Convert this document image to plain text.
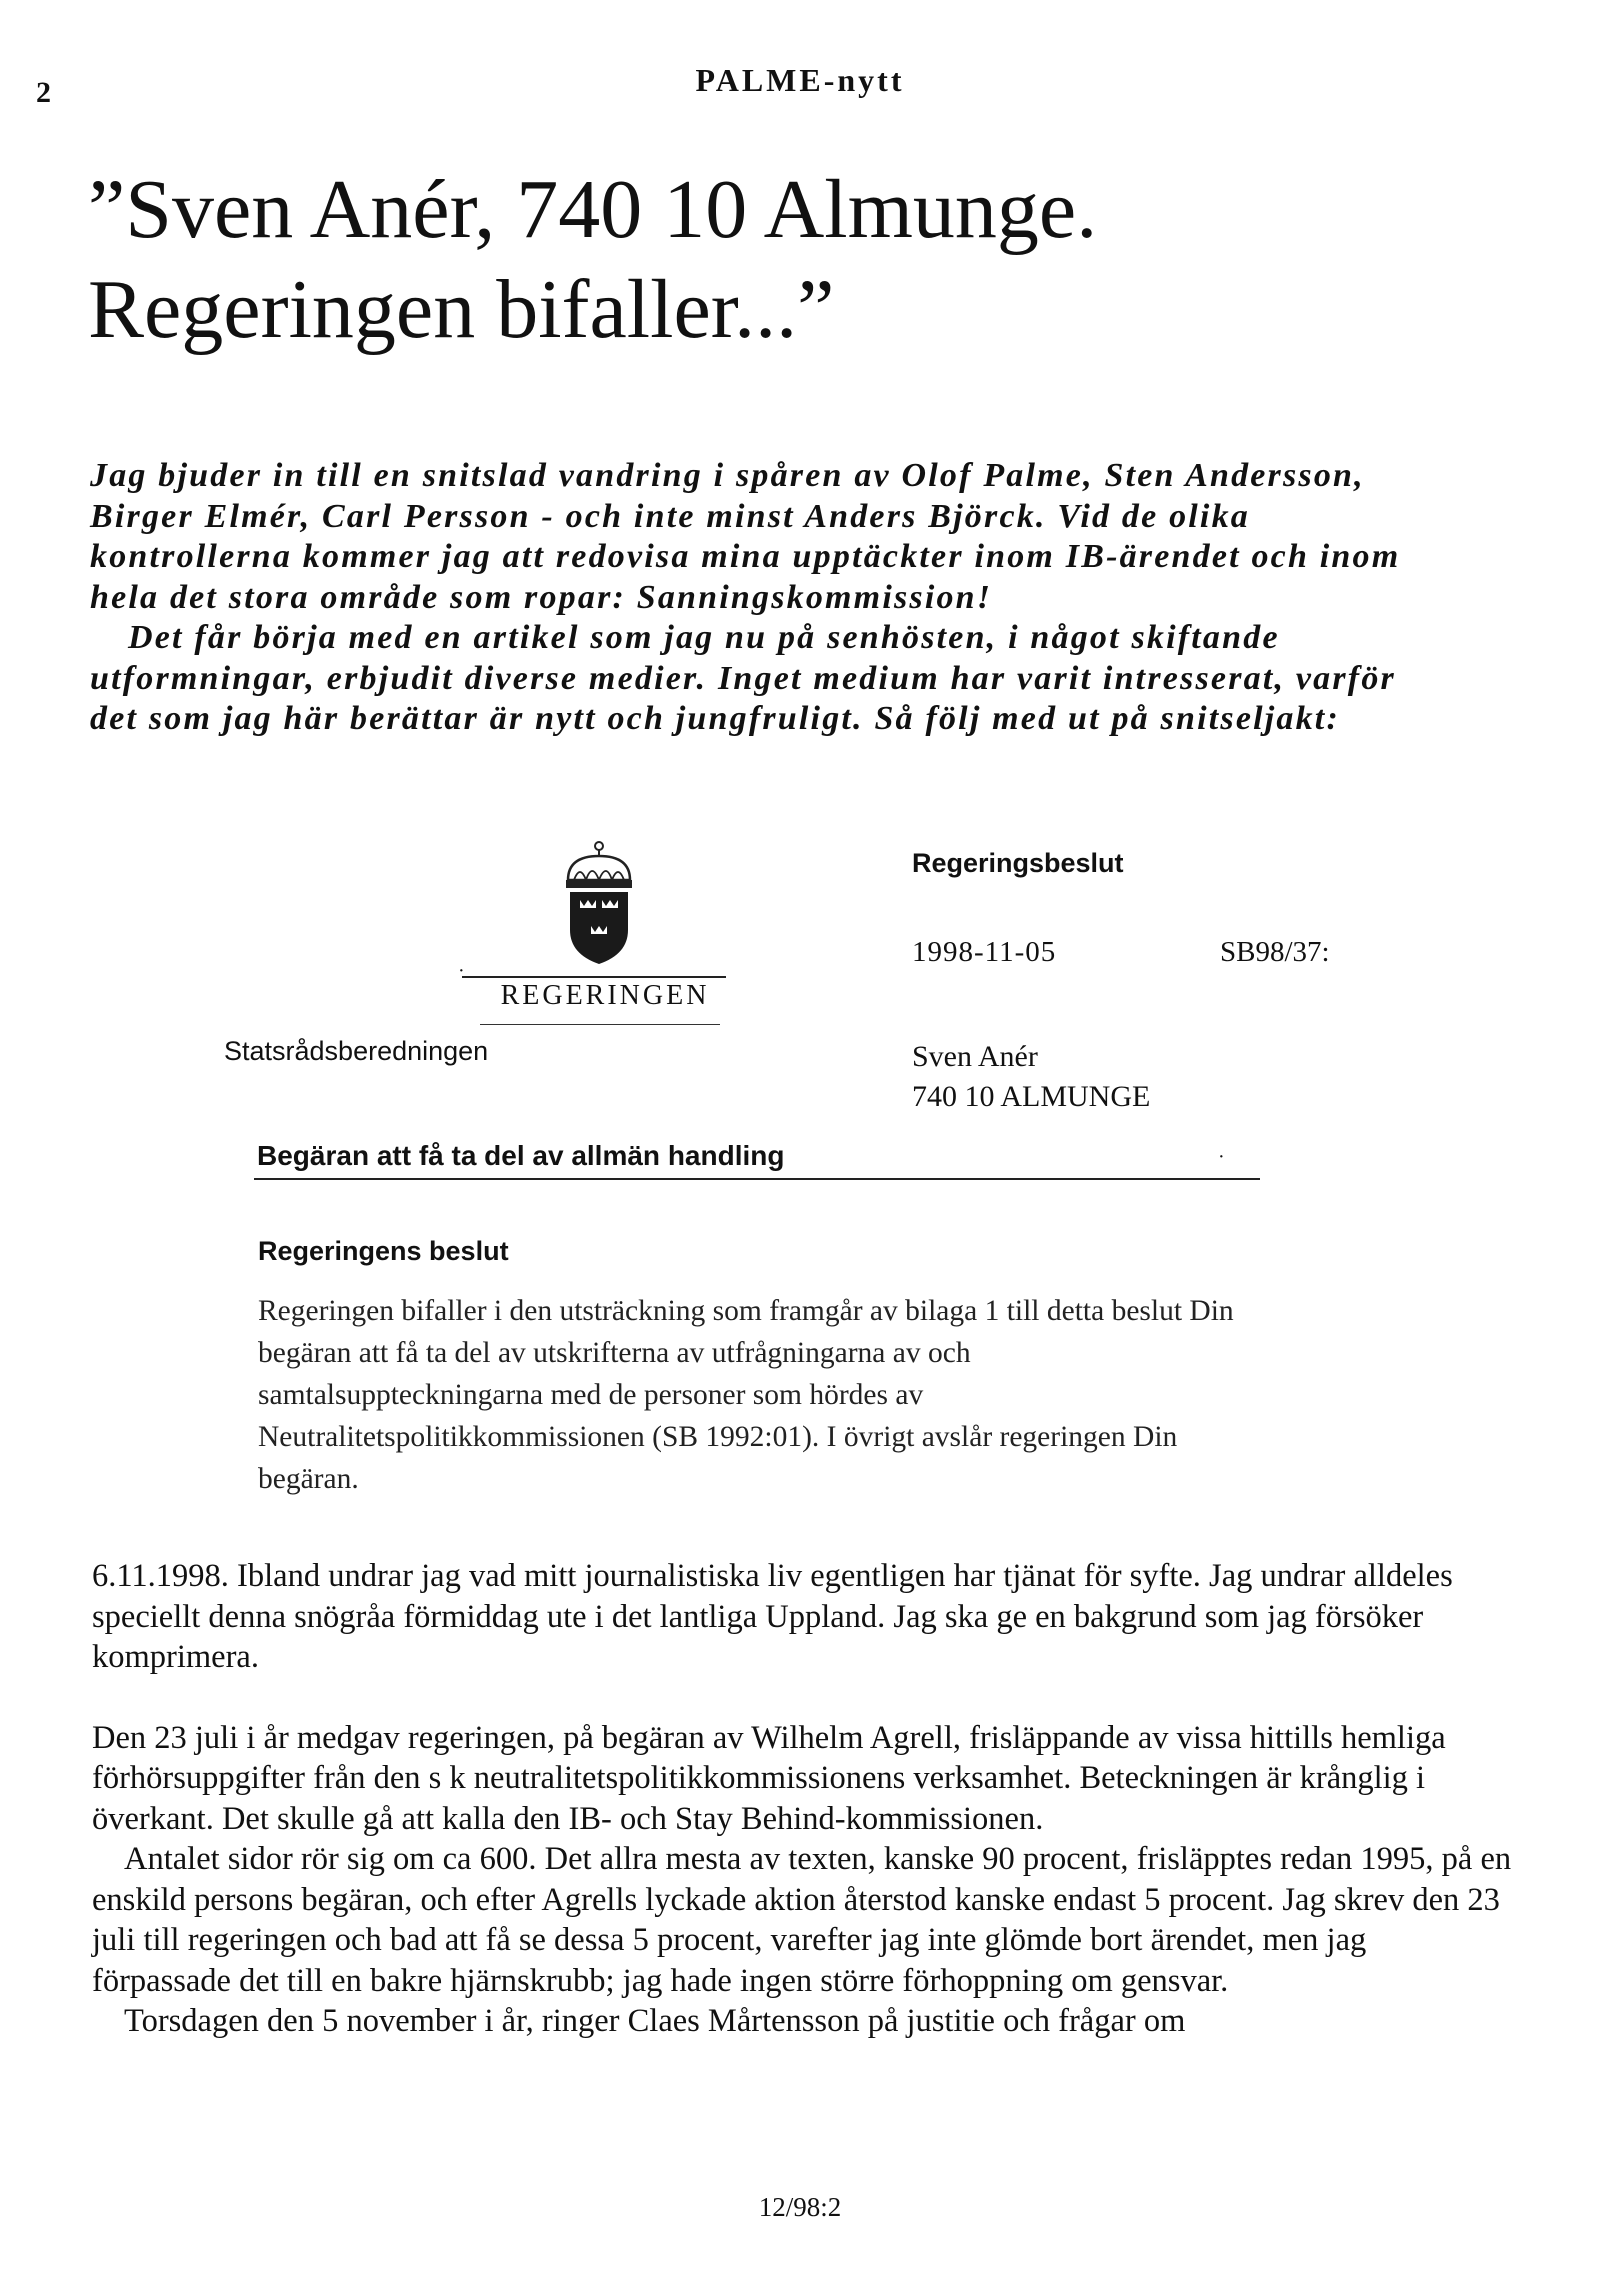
2	PALME-nytt
”Sven Anér, 740 10 Almunge.
Regeringen bifaller...”

Jag bjuder in till en snitslad vandring i spåren av Olof Palme, Sten Andersson, Birger Elmér, Carl Persson - och inte minst Anders Björck. Vid de olika kontrollerna kommer jag att redovisa mina upptäckter inom IB-ärendet och inom hela det stora område som ropar: Sanningskommission!

Det får börja med en artikel som jag nu på senhösten, i något skiftande utformningar, erbjudit diverse medier. Inget medium har varit intresserat, varför det som jag här berättar är nytt och jungfruligt. Så följ med ut på snitseljakt:

·
REGERINGEN
Statsrådsberedningen
Regeringsbeslut
1998-11-05	SB98/37:
Sven Anér
740 10 ALMUNGE
Begäran att få ta del av allmän handling	·
Regeringens beslut
Regeringen bifaller i den utsträckning som framgår av bilaga 1 till detta beslut Din begäran att få ta del av utskrifterna av utfrågningarna av och samtalsuppteckningarna med de personer som hördes av Neutralitetspolitikkommissionen (SB 1992:01). I övrigt avslår regeringen Din begäran.

6.11.1998. Ibland undrar jag vad mitt journalistiska liv egentligen har tjänat för syfte. Jag undrar alldeles speciellt denna snögråa förmiddag ute i det lantliga Uppland. Jag ska ge en bakgrund som jag försöker komprimera.

Den 23 juli i år medgav regeringen, på begäran av Wilhelm Agrell, frisläppande av vissa hittills hemliga förhörsuppgifter från den s k neutralitetspolitikkommissionens verksamhet. Beteckningen är krånglig i överkant. Det skulle gå att kalla den IB- och Stay Behind-kommissionen.

Antalet sidor rör sig om ca 600. Det allra mesta av texten, kanske 90 procent, frisläpptes redan 1995, på en enskild persons begäran, och efter Agrells lyckade aktion återstod kanske endast 5 procent. Jag skrev den 23 juli till regeringen och bad att få se dessa 5 procent, varefter jag inte glömde bort ärendet, men jag förpassade det till en bakre hjärnskrubb; jag hade ingen större förhoppning om gensvar.

Torsdagen den 5 november i år, ringer Claes Mårtensson på justitie och frågar om

12/98:2
